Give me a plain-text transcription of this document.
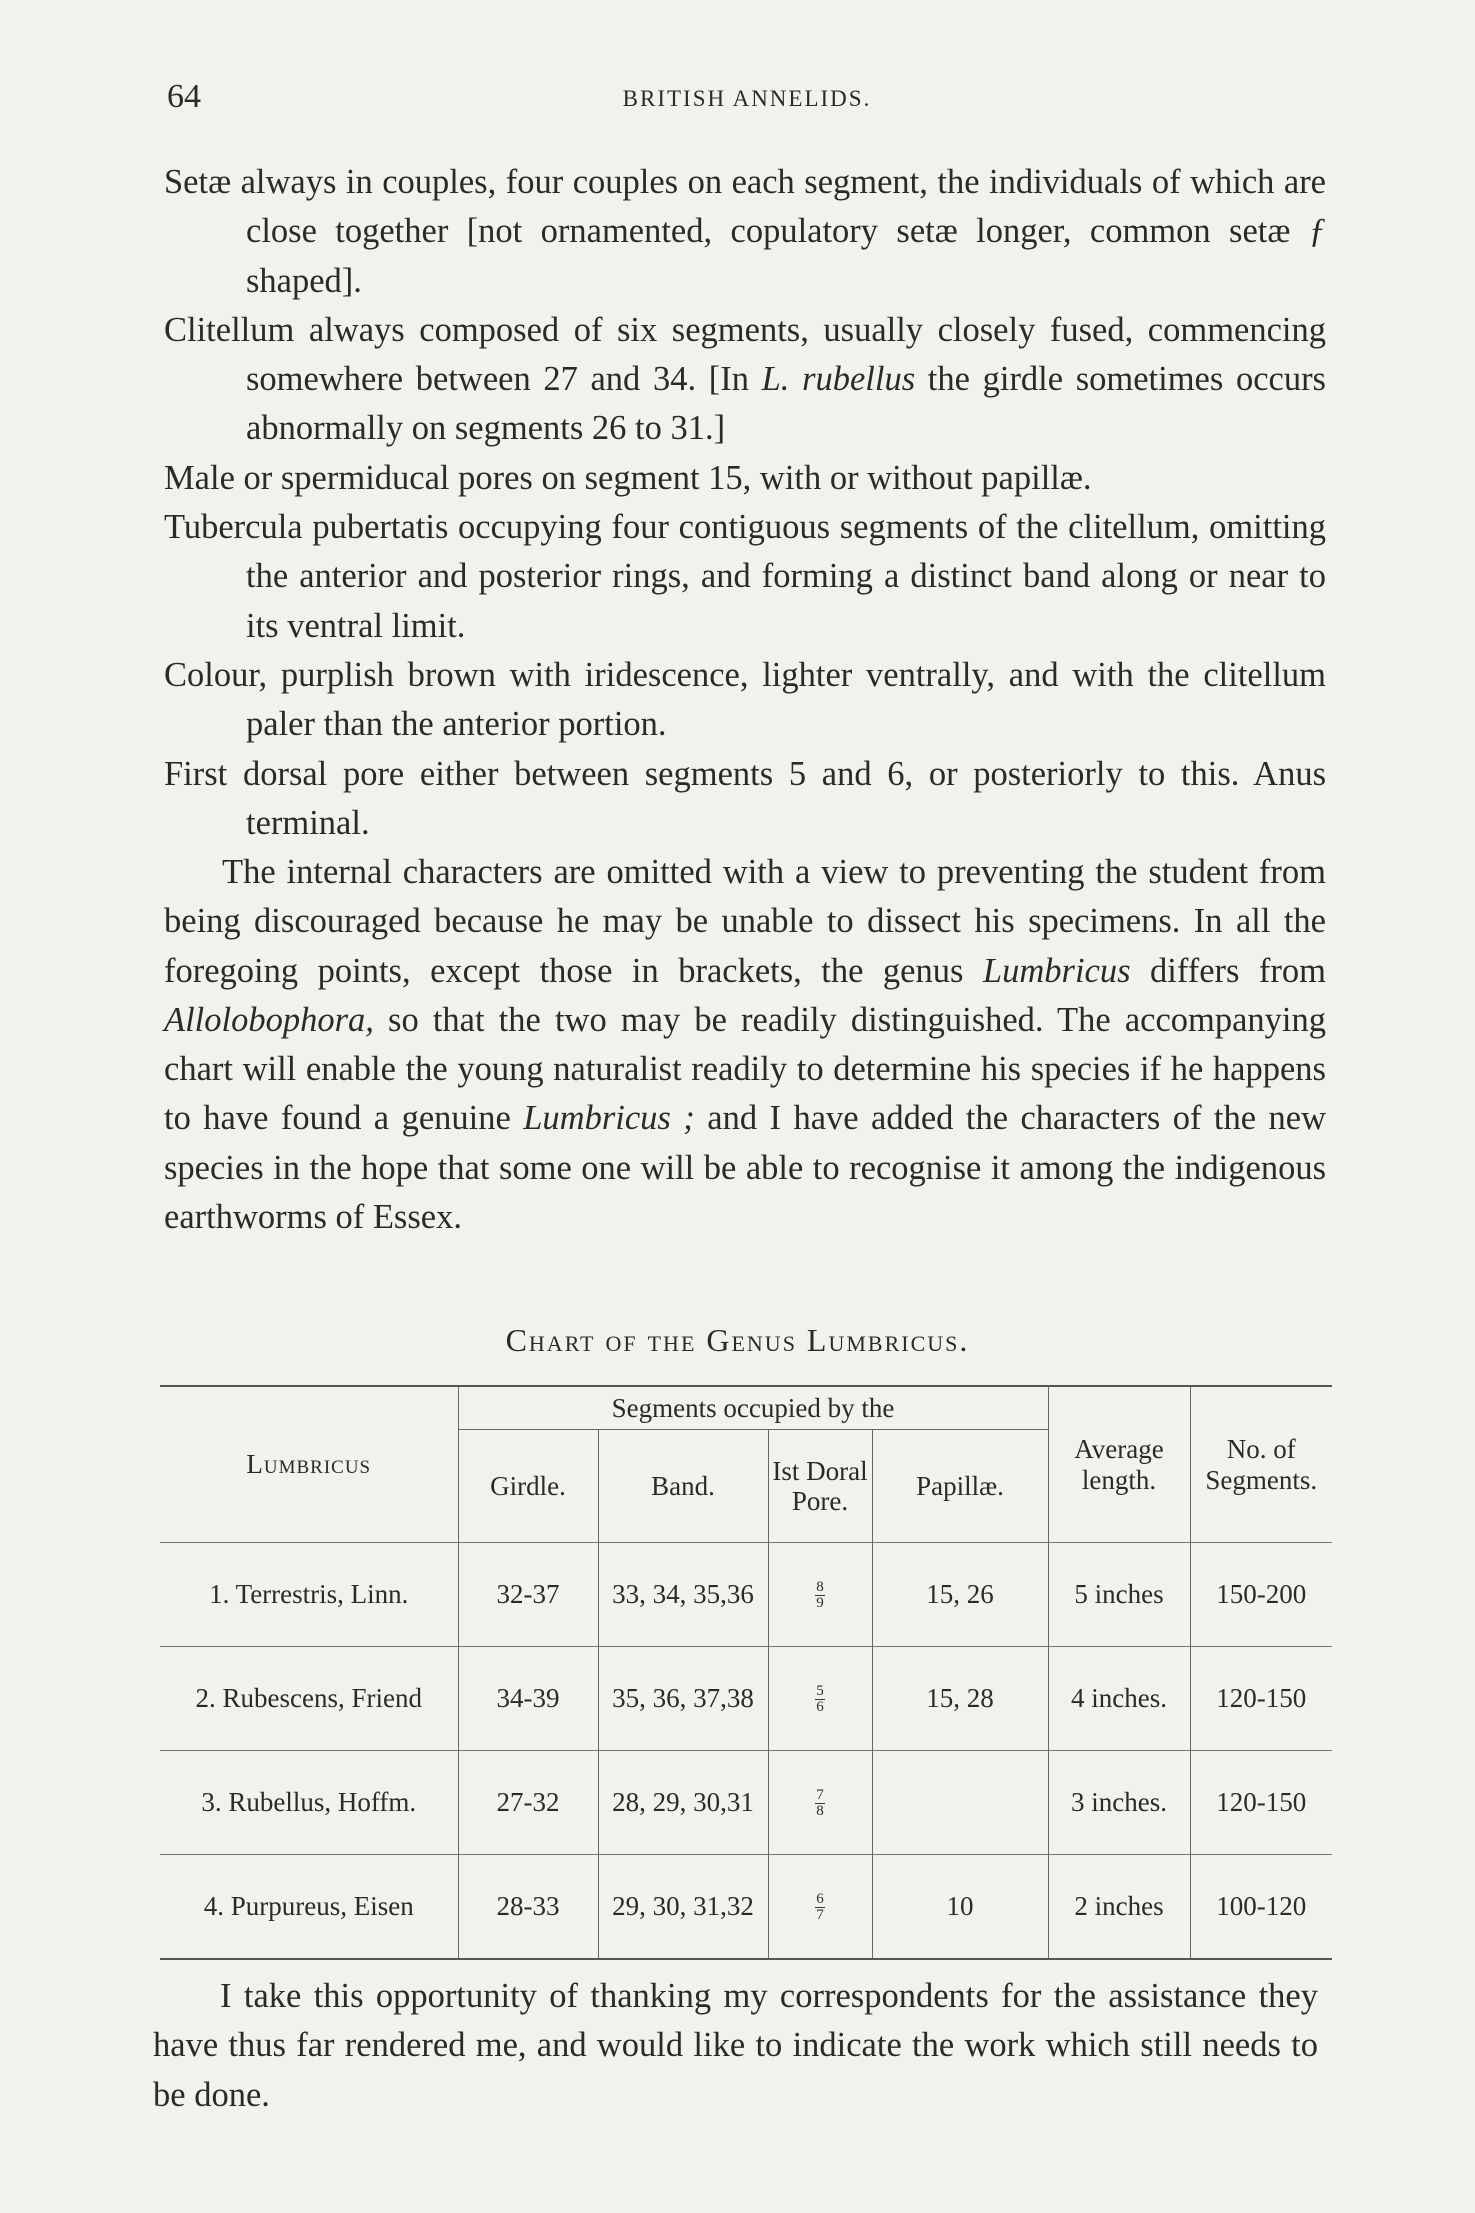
64	BRITISH ANNELIDS.

Setæ always in couples, four couples on each segment, the individuals of which are close together [not ornamented, copulatory setæ longer, common setæ ƒ shaped].

Clitellum always composed of six segments, usually closely fused, commencing somewhere between 27 and 34. [In L. rubellus the girdle sometimes occurs abnormally on segments 26 to 31.]

Male or spermiducal pores on segment 15, with or without papillæ.

Tubercula pubertatis occupying four contiguous segments of the clitellum, omitting the anterior and posterior rings, and forming a distinct band along or near to its ventral limit.

Colour, purplish brown with iridescence, lighter ventrally, and with the clitellum paler than the anterior portion.

First dorsal pore either between segments 5 and 6, or posteriorly to this. Anus terminal.

The internal characters are omitted with a view to preventing the student from being discouraged because he may be unable to dissect his specimens. In all the foregoing points, except those in brackets, the genus Lumbricus differs from Allolobophora, so that the two may be readily distinguished. The accompanying chart will enable the young naturalist readily to determine his species if he happens to have found a genuine Lumbricus ; and I have added the characters of the new species in the hope that some one will be able to recognise it among the indigenous earthworms of Essex.

Chart of the Genus Lumbricus.
Lumbricus	Segments occupied by the				Average length.	No. of Segments.
	Girdle.	Band.	Ist Doral Pore.	Papillæ.		
1. Terrestris, Linn.	32-37	33, 34, 35,36	$\frac{8}{9}$	15, 26	5 inches	150-200
2. Rubescens, Friend	34-39	35, 36, 37,38	$\frac{5}{6}$	15, 28	4 inches.	120-150
3. Rubellus, Hoffm.	27-32	28, 29, 30,31	$\frac{7}{8}$		3 inches.	120-150
4. Purpureus, Eisen	28-33	29, 30, 31,32	$\frac{6}{7}$	10	2 inches	100-120

I take this opportunity of thanking my correspondents for the assistance they have thus far rendered me, and would like to indicate the work which still needs to be done.
